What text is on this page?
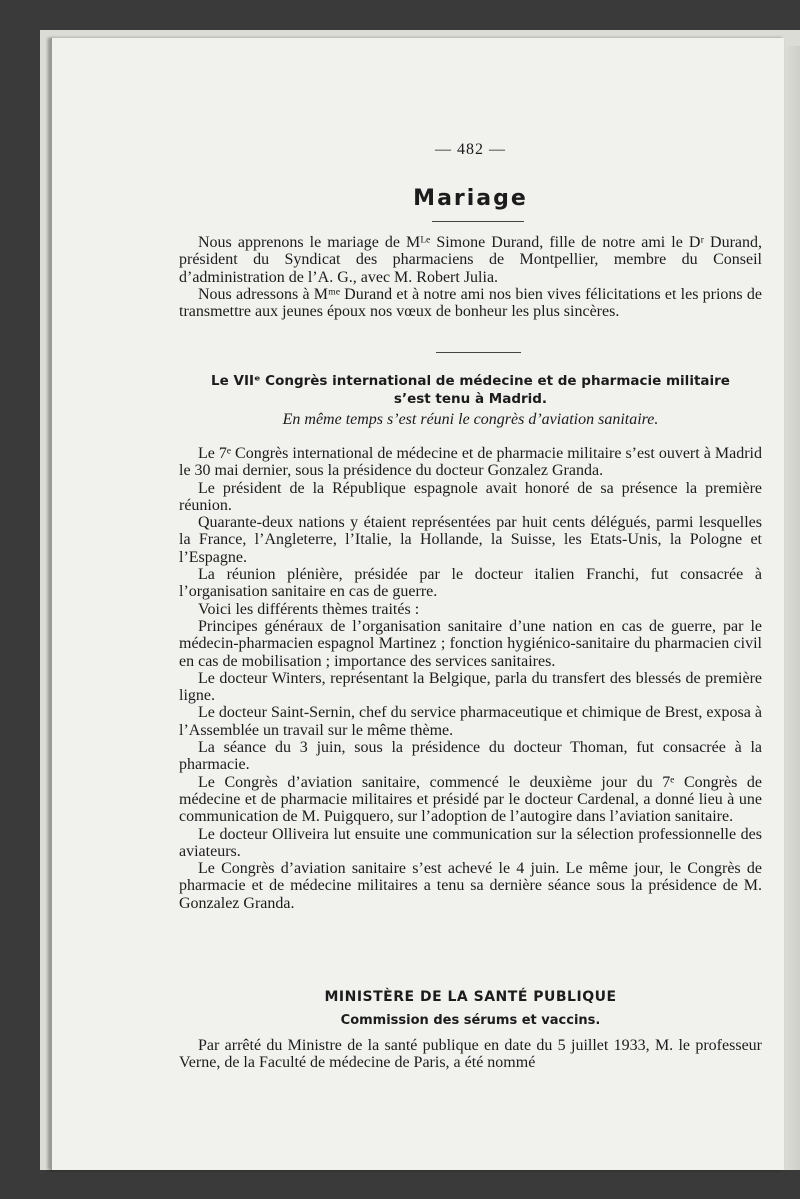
— 482 —

Mariage

Nous apprenons le mariage de Mᴸᵉ Simone Durand, fille de notre ami le Dʳ Durand, président du Syndicat des pharmaciens de Montpellier, membre du Conseil d’administration de l’A. G., avec M. Robert Julia.

Nous adressons à Mᵐᵉ Durand et à notre ami nos bien vives félicitations et les prions de transmettre aux jeunes époux nos vœux de bonheur les plus sincères.

Le VIIᵉ Congrès international de médecine et de pharmacie militaire
s’est tenu à Madrid.

En même temps s’est réuni le congrès d’aviation sanitaire.

Le 7ᵉ Congrès international de médecine et de pharmacie militaire s’est ouvert à Madrid le 30 mai dernier, sous la présidence du docteur Gonzalez Granda.

Le président de la République espagnole avait honoré de sa présence la première réunion.

Quarante-deux nations y étaient représentées par huit cents délégués, parmi lesquelles la France, l’Angleterre, l’Italie, la Hollande, la Suisse, les Etats-Unis, la Pologne et l’Espagne.

La réunion plénière, présidée par le docteur italien Franchi, fut consacrée à l’organisation sanitaire en cas de guerre.

Voici les différents thèmes traités :

Principes généraux de l’organisation sanitaire d’une nation en cas de guerre, par le médecin-pharmacien espagnol Martinez ; fonction hygiénico-sanitaire du pharmacien civil en cas de mobilisation ; importance des services sanitaires.

Le docteur Winters, représentant la Belgique, parla du transfert des blessés de première ligne.

Le docteur Saint-Sernin, chef du service pharmaceutique et chimique de Brest, exposa à l’Assemblée un travail sur le même thème.

La séance du 3 juin, sous la présidence du docteur Thoman, fut consacrée à la pharmacie.

Le Congrès d’aviation sanitaire, commencé le deuxième jour du 7ᵉ Congrès de médecine et de pharmacie militaires et présidé par le docteur Cardenal, a donné lieu à une communication de M. Puigquero, sur l’adoption de l’autogire dans l’aviation sanitaire.

Le docteur Olliveira lut ensuite une communication sur la sélection professionnelle des aviateurs.

Le Congrès d’aviation sanitaire s’est achevé le 4 juin. Le même jour, le Congrès de pharmacie et de médecine militaires a tenu sa dernière séance sous la présidence de M. Gonzalez Granda.

MINISTÈRE DE LA SANTÉ PUBLIQUE
Commission des sérums et vaccins.

Par arrêté du Ministre de la santé publique en date du 5 juillet 1933, M. le professeur Verne, de la Faculté de médecine de Paris, a été nommé
